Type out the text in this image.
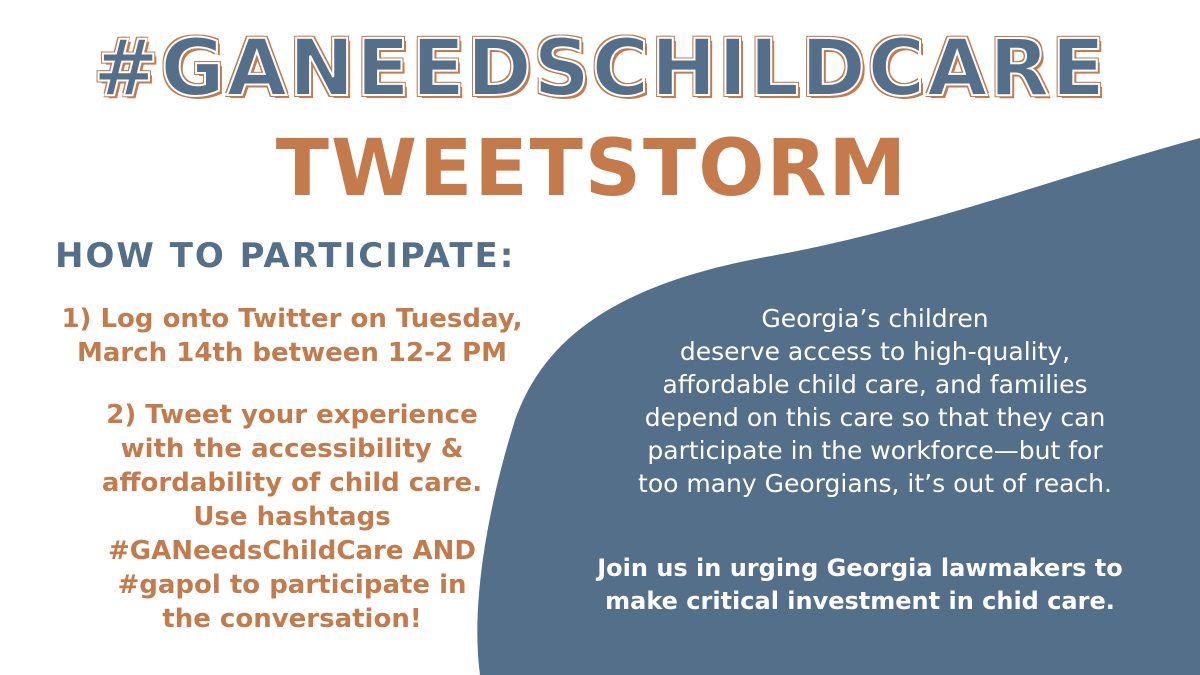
#GANEEDSCHILDCARE
TWEETSTORM
HOW TO PARTICIPATE:
1) Log onto Twitter on Tuesday,
March 14th between 12-2 PM
2) Tweet your experience
with the accessibility &
affordability of child care.
Use hashtags
#GANeedsChildCare AND
#gapol to participate in
the conversation!
Georgia’s children
deserve access to high-quality,
affordable child care, and families
depend on this care so that they can
participate in the workforce—but for
too many Georgians, it’s out of reach.
Join us in urging Georgia lawmakers to
make critical investment in chid care.
